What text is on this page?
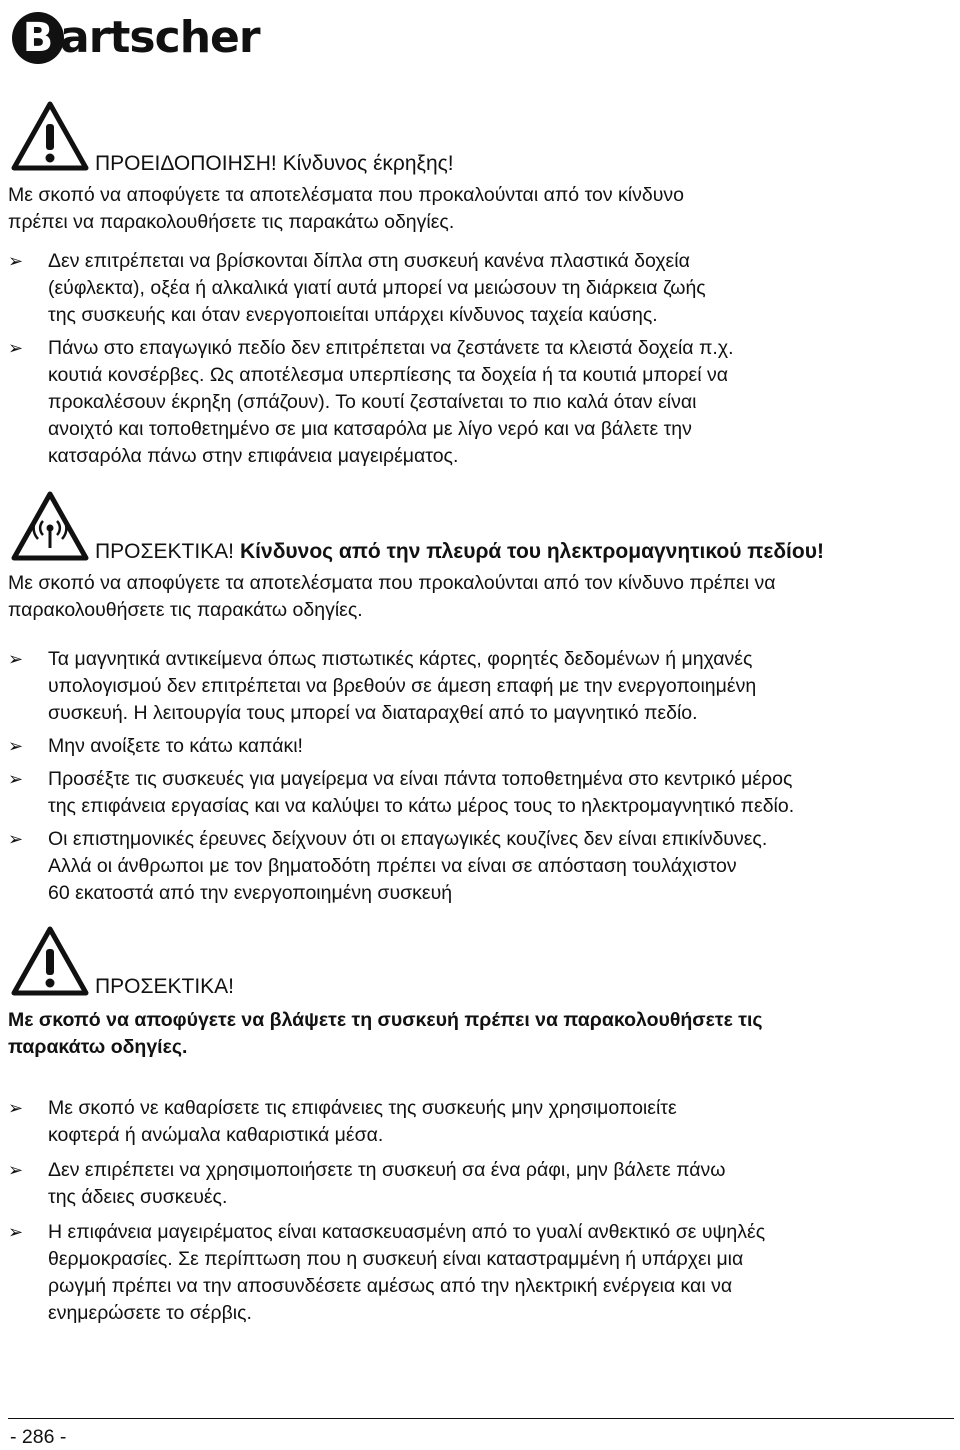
B artscher
ΠΡΟΕΙΔΟΠΟΙΗΣΗ! Κίνδυνος έκρηξης!

Με σκοπό να αποφύγετε τα αποτελέσματα που προκαλούνται από τον κίνδυνο

πρέπει να παρακολουθήσετε τις παρακάτω οδηγίες.

➢ Δεν επιτρέπεται να βρίσκονται δίπλα στη συσκευή κανένα πλαστικά δοχεία
(εύφλεκτα), οξέα ή αλκαλικά γιατί αυτά μπορεί να μειώσουν τη διάρκεια ζωής
της συσκευής και όταν ενεργοποιείται υπάρχει κίνδυνος ταχεία καύσης.
➢ Πάνω στο επαγωγικό πεδίο δεν επιτρέπεται να ζεστάνετε τα κλειστά δοχεία π.χ.
κουτιά κονσέρβες. Ως αποτέλεσμα υπερπίεσης τα δοχεία ή τα κουτιά μπορεί να
προκαλέσουν έκρηξη (σπάζουν). Το κουτί ζεσταίνεται το πιο καλά όταν είναι
ανοιχτό και τοποθετημένο σε μια κατσαρόλα με λίγο νερό και να βάλετε την
κατσαρόλα πάνω στην επιφάνεια μαγειρέματος.
ΠΡΟΣΕΚΤΙΚΑ! Κίνδυνος από την πλευρά του ηλεκτρομαγνητικού πεδίου!

Με σκοπό να αποφύγετε τα αποτελέσματα που προκαλούνται από τον κίνδυνο πρέπει να

παρακολουθήσετε τις παρακάτω οδηγίες.

➢ Τα μαγνητικά αντικείμενα όπως πιστωτικές κάρτες, φορητές δεδομένων ή μηχανές
υπολογισμού δεν επιτρέπεται να βρεθούν σε άμεση επαφή με την ενεργοποιημένη
συσκευή. Η λειτουργία τους μπορεί να διαταραχθεί από το μαγνητικό πεδίο.
➢ Μην ανοίξετε το κάτω καπάκι!
➢ Προσέξτε τις συσκευές για μαγείρεμα να είναι πάντα τοποθετημένα στο κεντρικό μέρος
της επιφάνεια εργασίας και να καλύψει το κάτω μέρος τους το ηλεκτρομαγνητικό πεδίο.
➢ Οι επιστημονικές έρευνες δείχνουν ότι οι επαγωγικές κουζίνες δεν είναι επικίνδυνες.
Αλλά οι άνθρωποι με τον βηματοδότη πρέπει να είναι σε απόσταση τουλάχιστον
60 εκατοστά από την ενεργοποιημένη συσκευή
ΠΡΟΣΕΚΤΙΚΑ!

Με σκοπό να αποφύγετε να βλάψετε τη συσκευή πρέπει να παρακολουθήσετε τις

παρακάτω οδηγίες.

➢ Με σκοπό νε καθαρίσετε τις επιφάνειες της συσκευής μην χρησιμοποιείτε
κοφτερά ή ανώμαλα καθαριστικά μέσα.
➢ Δεν επιρέπετει να χρησιμοποιήσετε τη συσκευή σα ένα ράφι, μην βάλετε πάνω
της άδειες συσκευές.
➢ Η επιφάνεια μαγειρέματος είναι κατασκευασμένη από το γυαλί ανθεκτικό σε υψηλές
θερμοκρασίες. Σε περίπτωση που η συσκευή είναι καταστραμμένη ή υπάρχει μια
ρωγμή πρέπει να την αποσυνδέσετε αμέσως από την ηλεκτρική ενέργεια και να
ενημερώσετε το σέρβις.
- 286 -
